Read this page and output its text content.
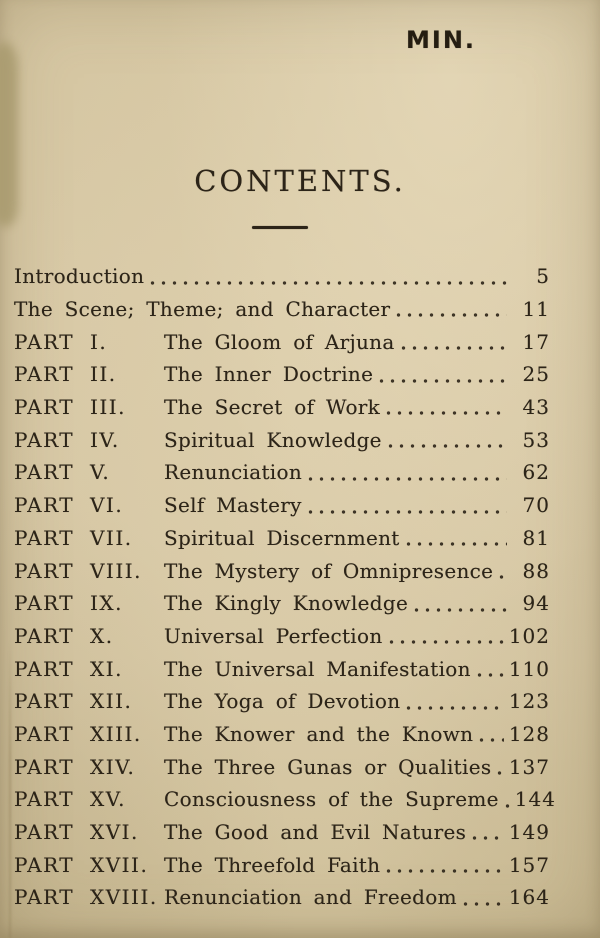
MIN.
CONTENTS.
Introduction	5
The Scene; Theme; and Character	11
PART I.	The Gloom of Arjuna	17
PART II.	The Inner Doctrine	25
PART III.	The Secret of Work	43
PART IV.	Spiritual Knowledge	53
PART V.	Renunciation	62
PART VI.	Self Mastery	70
PART VII.	Spiritual Discernment	81
PART VIII.	The Mystery of Omnipresence	88
PART IX.	The Kingly Knowledge	94
PART X.	Universal Perfection	102
PART XI.	The Universal Manifestation 110
PART XII.	The Yoga of Devotion	123
PART XIII.	The Knower and the Known 128
PART XIV.	The Three Gunas or Qualities 137
PART XV.	Consciousness of the Supreme 144
PART XVI.	The Good and Evil Natures 149
PART XVII. The Threefold Faith	157
PART XVIII. Renunciation and Freedom	164
